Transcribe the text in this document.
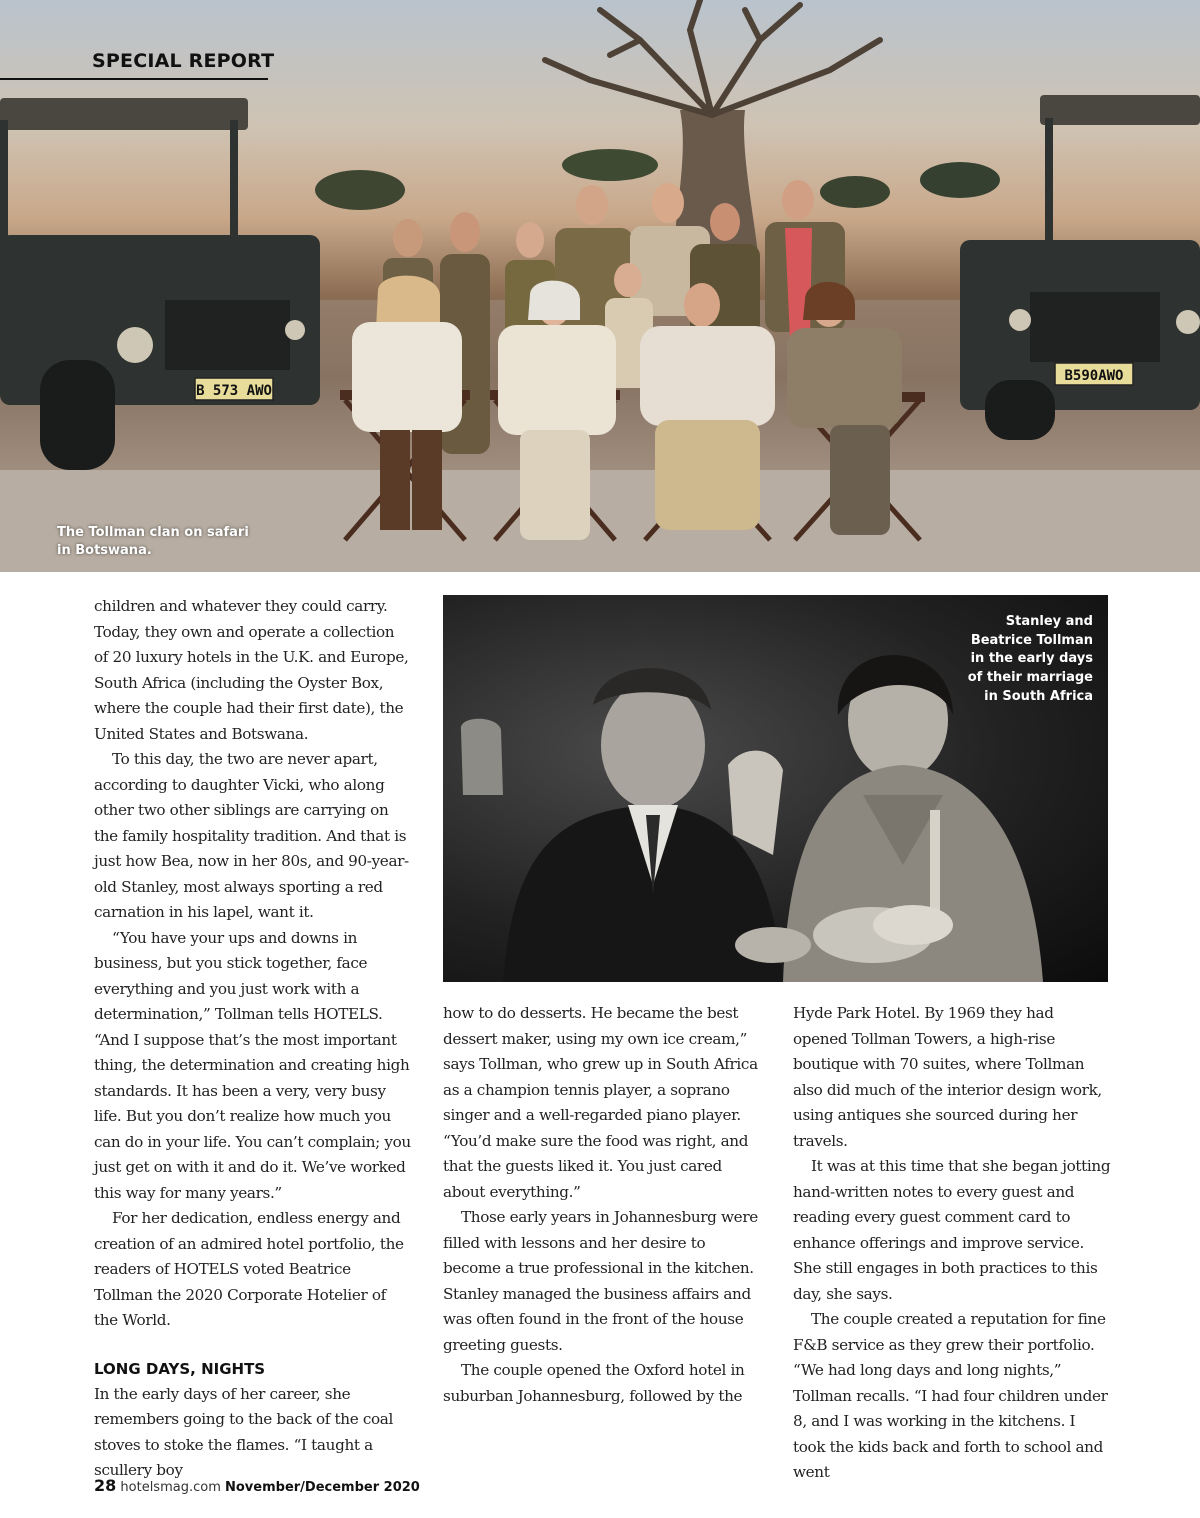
B 573 AWO
B590AWO
SPECIAL REPORT
The Tollman clan on safari in Botswana.
Stanley and Beatrice Tollman in the early days of their marriage in South Africa

children and whatever they could carry. Today, they own and operate a collection of 20 luxury hotels in the U.K. and Europe, South Africa (including the Oyster Box, where the couple had their first date), the United States and Botswana.

To this day, the two are never apart, according to daughter Vicki, who along other two other siblings are carrying on the family hospitality tradition. And that is just how Bea, now in her 80s, and 90-year-old Stanley, most always sporting a red carnation in his lapel, want it.

“You have your ups and downs in business, but you stick together, face everything and you just work with a determination,” Tollman tells HOTELS. “And I suppose that’s the most important thing, the determination and creating high standards. It has been a very, very busy life. But you don’t realize how much you can do in your life. You can’t complain; you just get on with it and do it. We’ve worked this way for many years.”

For her dedication, endless energy and creation of an admired hotel portfolio, the readers of HOTELS voted Beatrice Tollman the 2020 Corporate Hotelier of the World.

LONG DAYS, NIGHTS

In the early days of her career, she remembers going to the back of the coal stoves to stoke the flames. “I taught a scullery boy

how to do desserts. He became the best dessert maker, using my own ice cream,” says Tollman, who grew up in South Africa as a champion tennis player, a soprano singer and a well-regarded piano player. “You’d make sure the food was right, and that the guests liked it. You just cared about everything.”

Those early years in Johannesburg were filled with lessons and her desire to become a true professional in the kitchen. Stanley managed the business affairs and was often found in the front of the house greeting guests.

The couple opened the Oxford hotel in suburban Johannesburg, followed by the

Hyde Park Hotel. By 1969 they had opened Tollman Towers, a high-rise boutique with 70 suites, where Tollman also did much of the interior design work, using antiques she sourced during her travels.

It was at this time that she began jotting hand-written notes to every guest and reading every guest comment card to enhance offerings and improve service. She still engages in both practices to this day, she says.

The couple created a reputation for fine F&B service as they grew their portfolio. “We had long days and long nights,” Tollman recalls. “I had four children under 8, and I was working in the kitchens. I took the kids back and forth to school and went

28 hotelsmag.com November/December 2020
